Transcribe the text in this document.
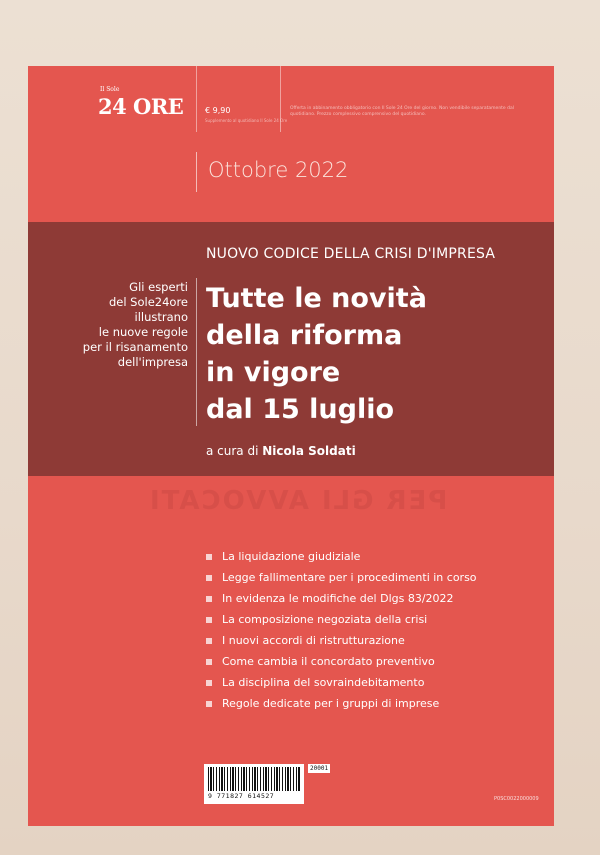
Il Sole
24 ORE	€ 9,90
Supplemento al quotidiano Il Sole 24 Ore
Offerta in abbinamento obbligatorio con Il Sole 24 Ore del giorno. Non vendibile separatamente dal quotidiano. Prezzo complessivo comprensivo del quotidiano.
Ottobre 2022
PER GLI AVVOCATI
NUOVO CODICE DELLA CRISI D'IMPRESA
Gli esperti
del Sole24ore
illustrano
le nuove regole
per il risanamento
dell'impresa
Tutte le novità
della riforma
in vigore
dal 15 luglio
a cura di Nicola Soldati
La liquidazione giudiziale
Legge fallimentare per i procedimenti in corso
In evidenza le modifiche del Dlgs 83/2022
La composizione negoziata della crisi
I nuovi accordi di ristrutturazione
Come cambia il concordato preventivo
La disciplina del sovraindebitamento
Regole dedicate per i gruppi di imprese
9 771827 614527
20001
P0SC0022000009
